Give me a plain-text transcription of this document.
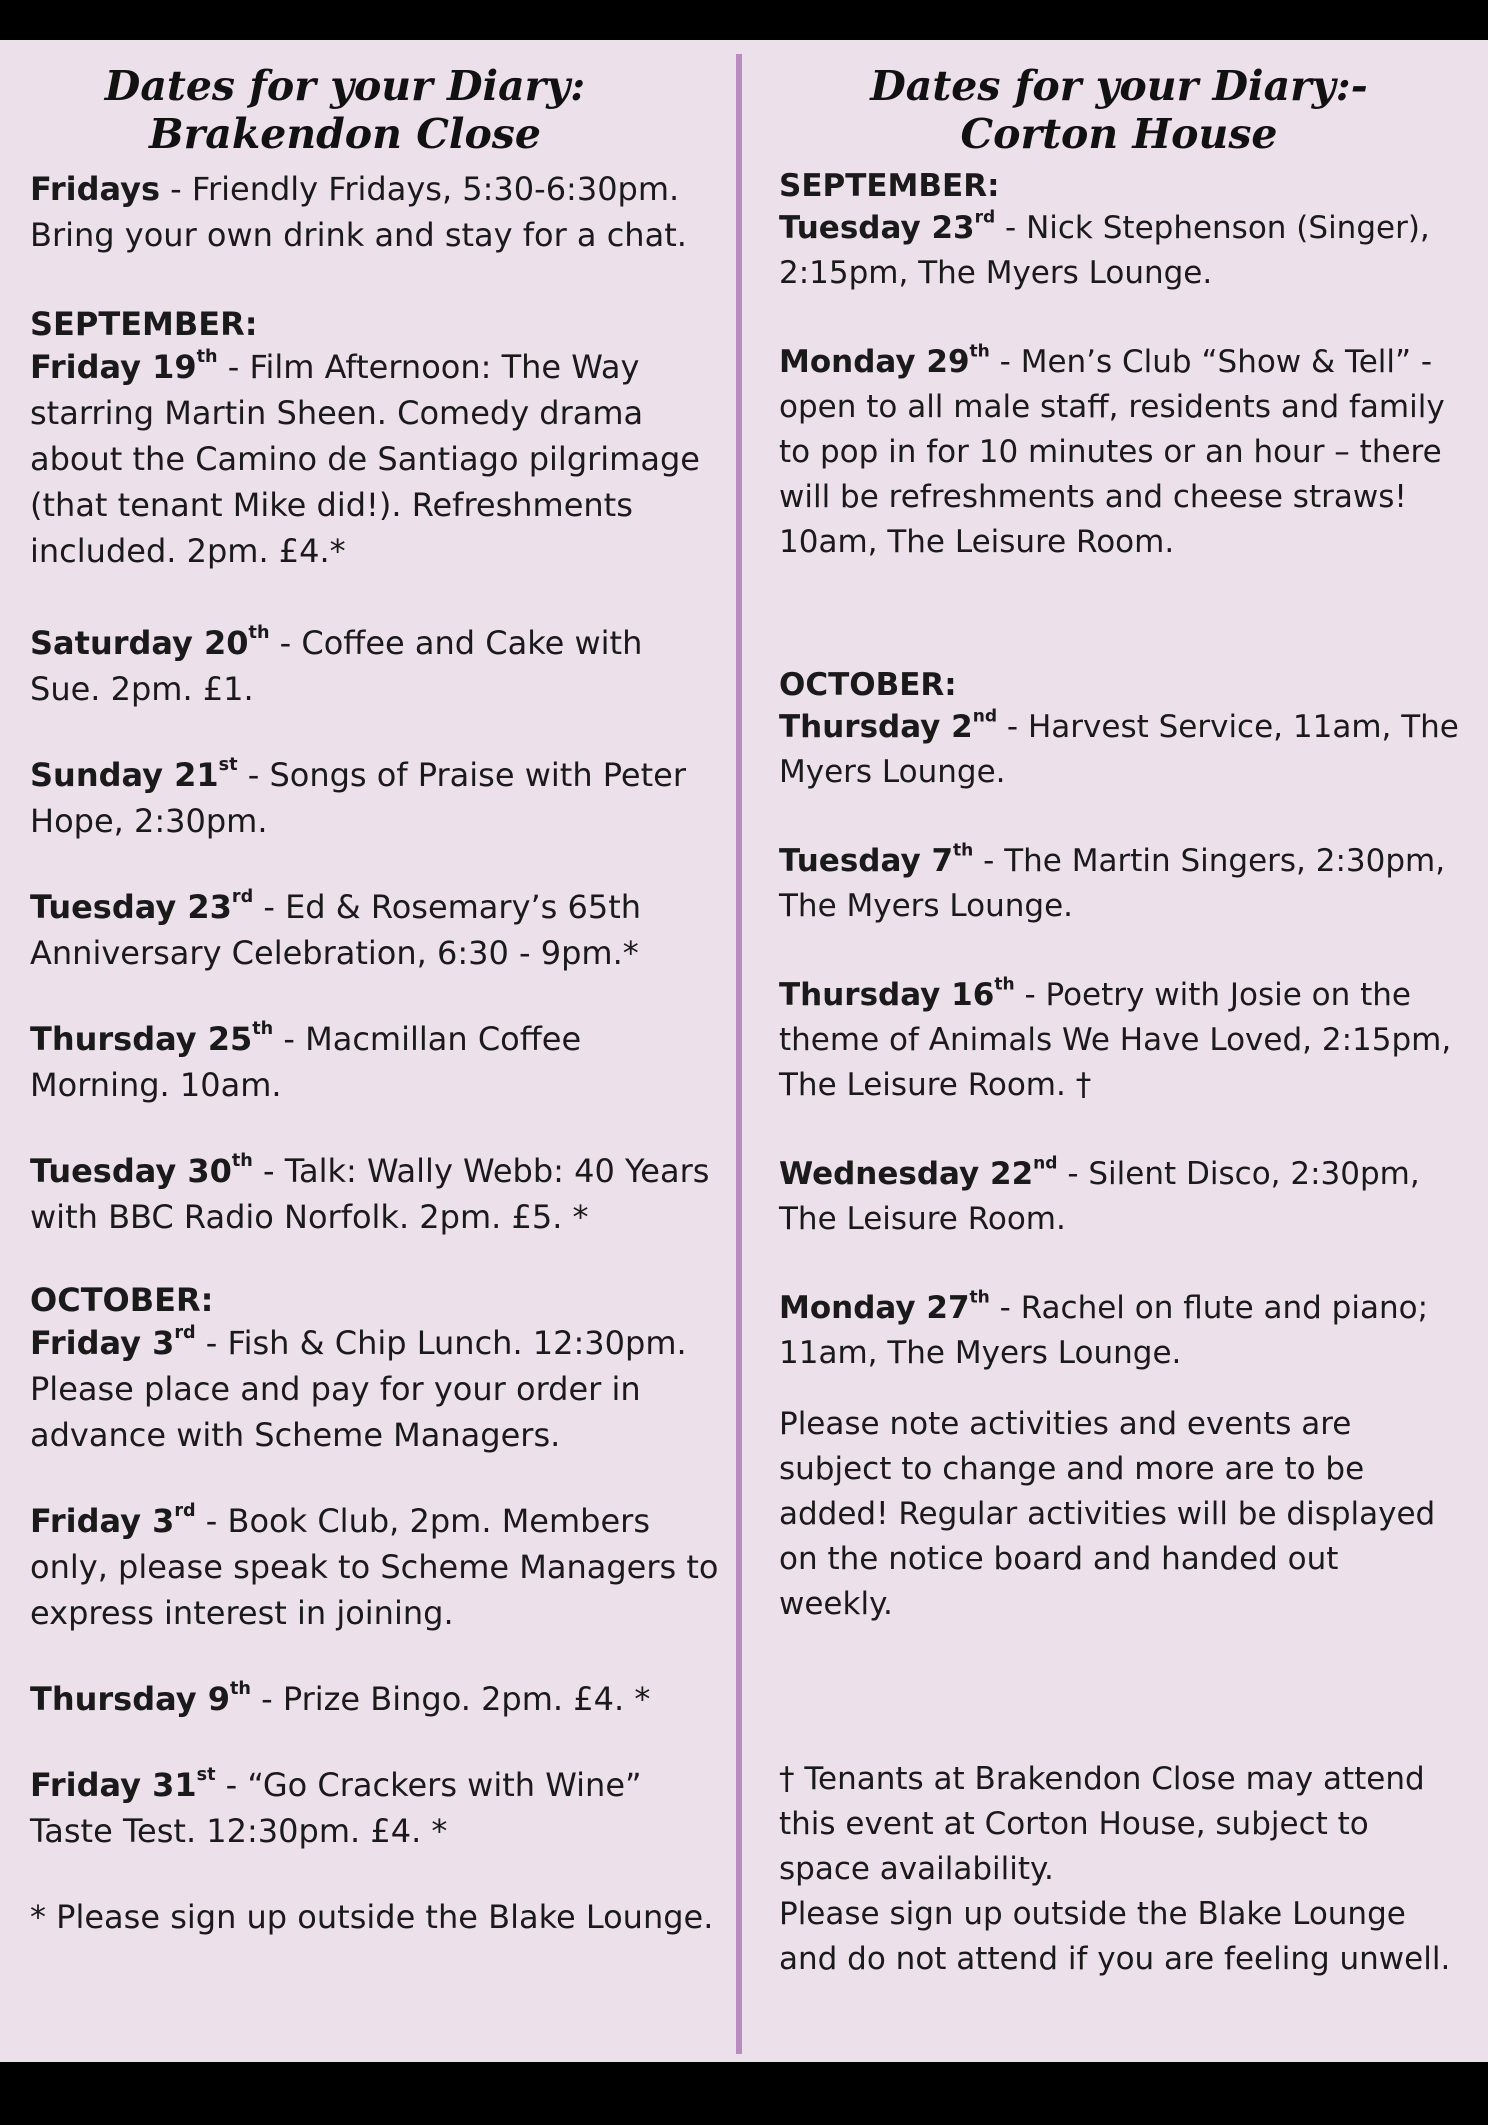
Dates for your Diary:
Brakendon Close

Fridays - Friendly Fridays, 5:30-6:30pm. Bring your own drink and stay for a chat.

SEPTEMBER:

Friday 19th - Film Afternoon: The Way starring Martin Sheen. Comedy drama about the Camino de Santiago pilgrimage (that tenant Mike did!). Refreshments included. 2pm. £4.*

Saturday 20th - Coffee and Cake with Sue. 2pm. £1.

Sunday 21st - Songs of Praise with Peter Hope, 2:30pm.

Tuesday 23rd - Ed & Rosemary’s 65th Anniversary Celebration, 6:30 - 9pm.*

Thursday 25th - Macmillan Coffee Morning. 10am.

Tuesday 30th - Talk: Wally Webb: 40 Years with BBC Radio Norfolk. 2pm. £5. *

OCTOBER:

Friday 3rd - Fish & Chip Lunch. 12:30pm. Please place and pay for your order in advance with Scheme Managers.

Friday 3rd - Book Club, 2pm. Members only, please speak to Scheme Managers to express interest in joining.

Thursday 9th - Prize Bingo. 2pm. £4. *

Friday 31st - “Go Crackers with Wine” Taste Test. 12:30pm. £4. *

* Please sign up outside the Blake Lounge.

Dates for your Diary:-
Corton House

SEPTEMBER:

Tuesday 23rd - Nick Stephenson (Singer), 2:15pm, The Myers Lounge.

Monday 29th - Men’s Club “Show & Tell” - open to all male staff, residents and family to pop in for 10 minutes or an hour – there will be refreshments and cheese straws! 10am, The Leisure Room.

OCTOBER:

Thursday 2nd - Harvest Service, 11am, The Myers Lounge.

Tuesday 7th - The Martin Singers, 2:30pm, The Myers Lounge.

Thursday 16th - Poetry with Josie on the theme of Animals We Have Loved, 2:15pm, The Leisure Room. †

Wednesday 22nd - Silent Disco, 2:30pm, The Leisure Room.

Monday 27th - Rachel on flute and piano; 11am, The Myers Lounge.

Please note activities and events are subject to change and more are to be added! Regular activities will be displayed on the notice board and handed out weekly.

† Tenants at Brakendon Close may attend this event at Corton House, subject to space availability.

Please sign up outside the Blake Lounge and do not attend if you are feeling unwell.
